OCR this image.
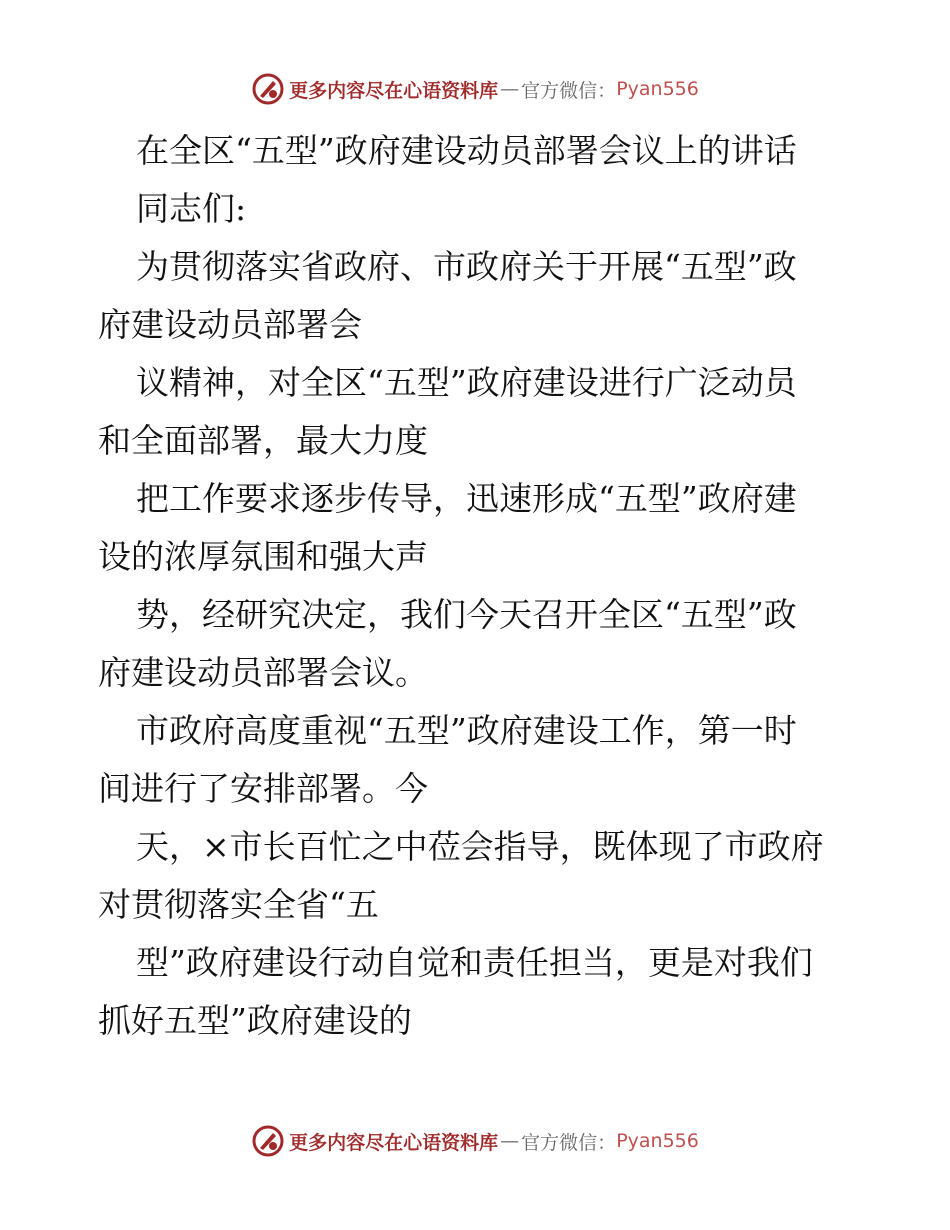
更多内容尽在心语资料库 — 官方微信： Pyan556
在全区“五型”政府建设动员部署会议上的讲话
同志们:
为贯彻落实省政府、市政府关于开展“五型”政
府建设动员部署会
议精神，对全区“五型”政府建设进行广泛动员
和全面部署，最大力度
把工作要求逐步传导，迅速形成“五型”政府建
设的浓厚氛围和强大声
势，经研究决定，我们今天召开全区“五型”政
府建设动员部署会议。
市政府高度重视“五型”政府建设工作，第一时
间进行了安排部署。今
天，×市长百忙之中莅会指导，既体现了市政府
对贯彻落实全省“五
型”政府建设行动自觉和责任担当，更是对我们
抓好五型”政府建设的
更多内容尽在心语资料库 — 官方微信： Pyan556
